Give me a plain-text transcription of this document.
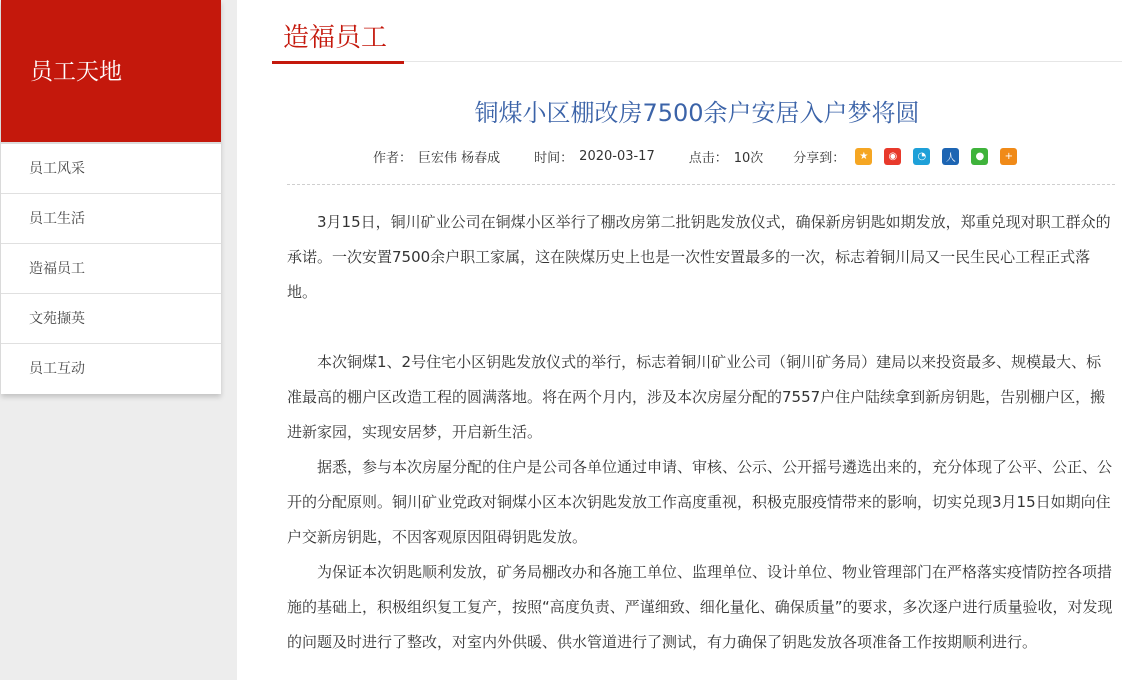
员工天地
员工风采
员工生活
造福员工
文苑撷英
员工互动
造福员工
铜煤小区棚改房7500余户安居入户梦将圆
作者： 巨宏伟 杨春成	时间： 2020-03-17	点击： 10次 分享到：	★	◉	◔	人	●	+

3月15日，铜川矿业公司在铜煤小区举行了棚改房第二批钥匙发放仪式，确保新房钥匙如期发放，郑重兑现对职工群众的承诺。一次安置7500余户职工家属，这在陕煤历史上也是一次性安置最多的一次，标志着铜川局又一民生民心工程正式落地。

本次铜煤1、2号住宅小区钥匙发放仪式的举行，标志着铜川矿业公司（铜川矿务局）建局以来投资最多、规模最大、标准最高的棚户区改造工程的圆满落地。将在两个月内，涉及本次房屋分配的7557户住户陆续拿到新房钥匙，告别棚户区，搬进新家园，实现安居梦，开启新生活。

据悉，参与本次房屋分配的住户是公司各单位通过申请、审核、公示、公开摇号遴选出来的，充分体现了公平、公正、公开的分配原则。铜川矿业党政对铜煤小区本次钥匙发放工作高度重视，积极克服疫情带来的影响，切实兑现3月15日如期向住户交新房钥匙，不因客观原因阻碍钥匙发放。

为保证本次钥匙顺利发放，矿务局棚改办和各施工单位、监理单位、设计单位、物业管理部门在严格落实疫情防控各项措施的基础上，积极组织复工复产，按照“高度负责、严谨细致、细化量化、确保质量”的要求，多次逐户进行质量验收，对发现的问题及时进行了整改，对室内外供暖、供水管道进行了测试，有力确保了钥匙发放各项准备工作按期顺利进行。
